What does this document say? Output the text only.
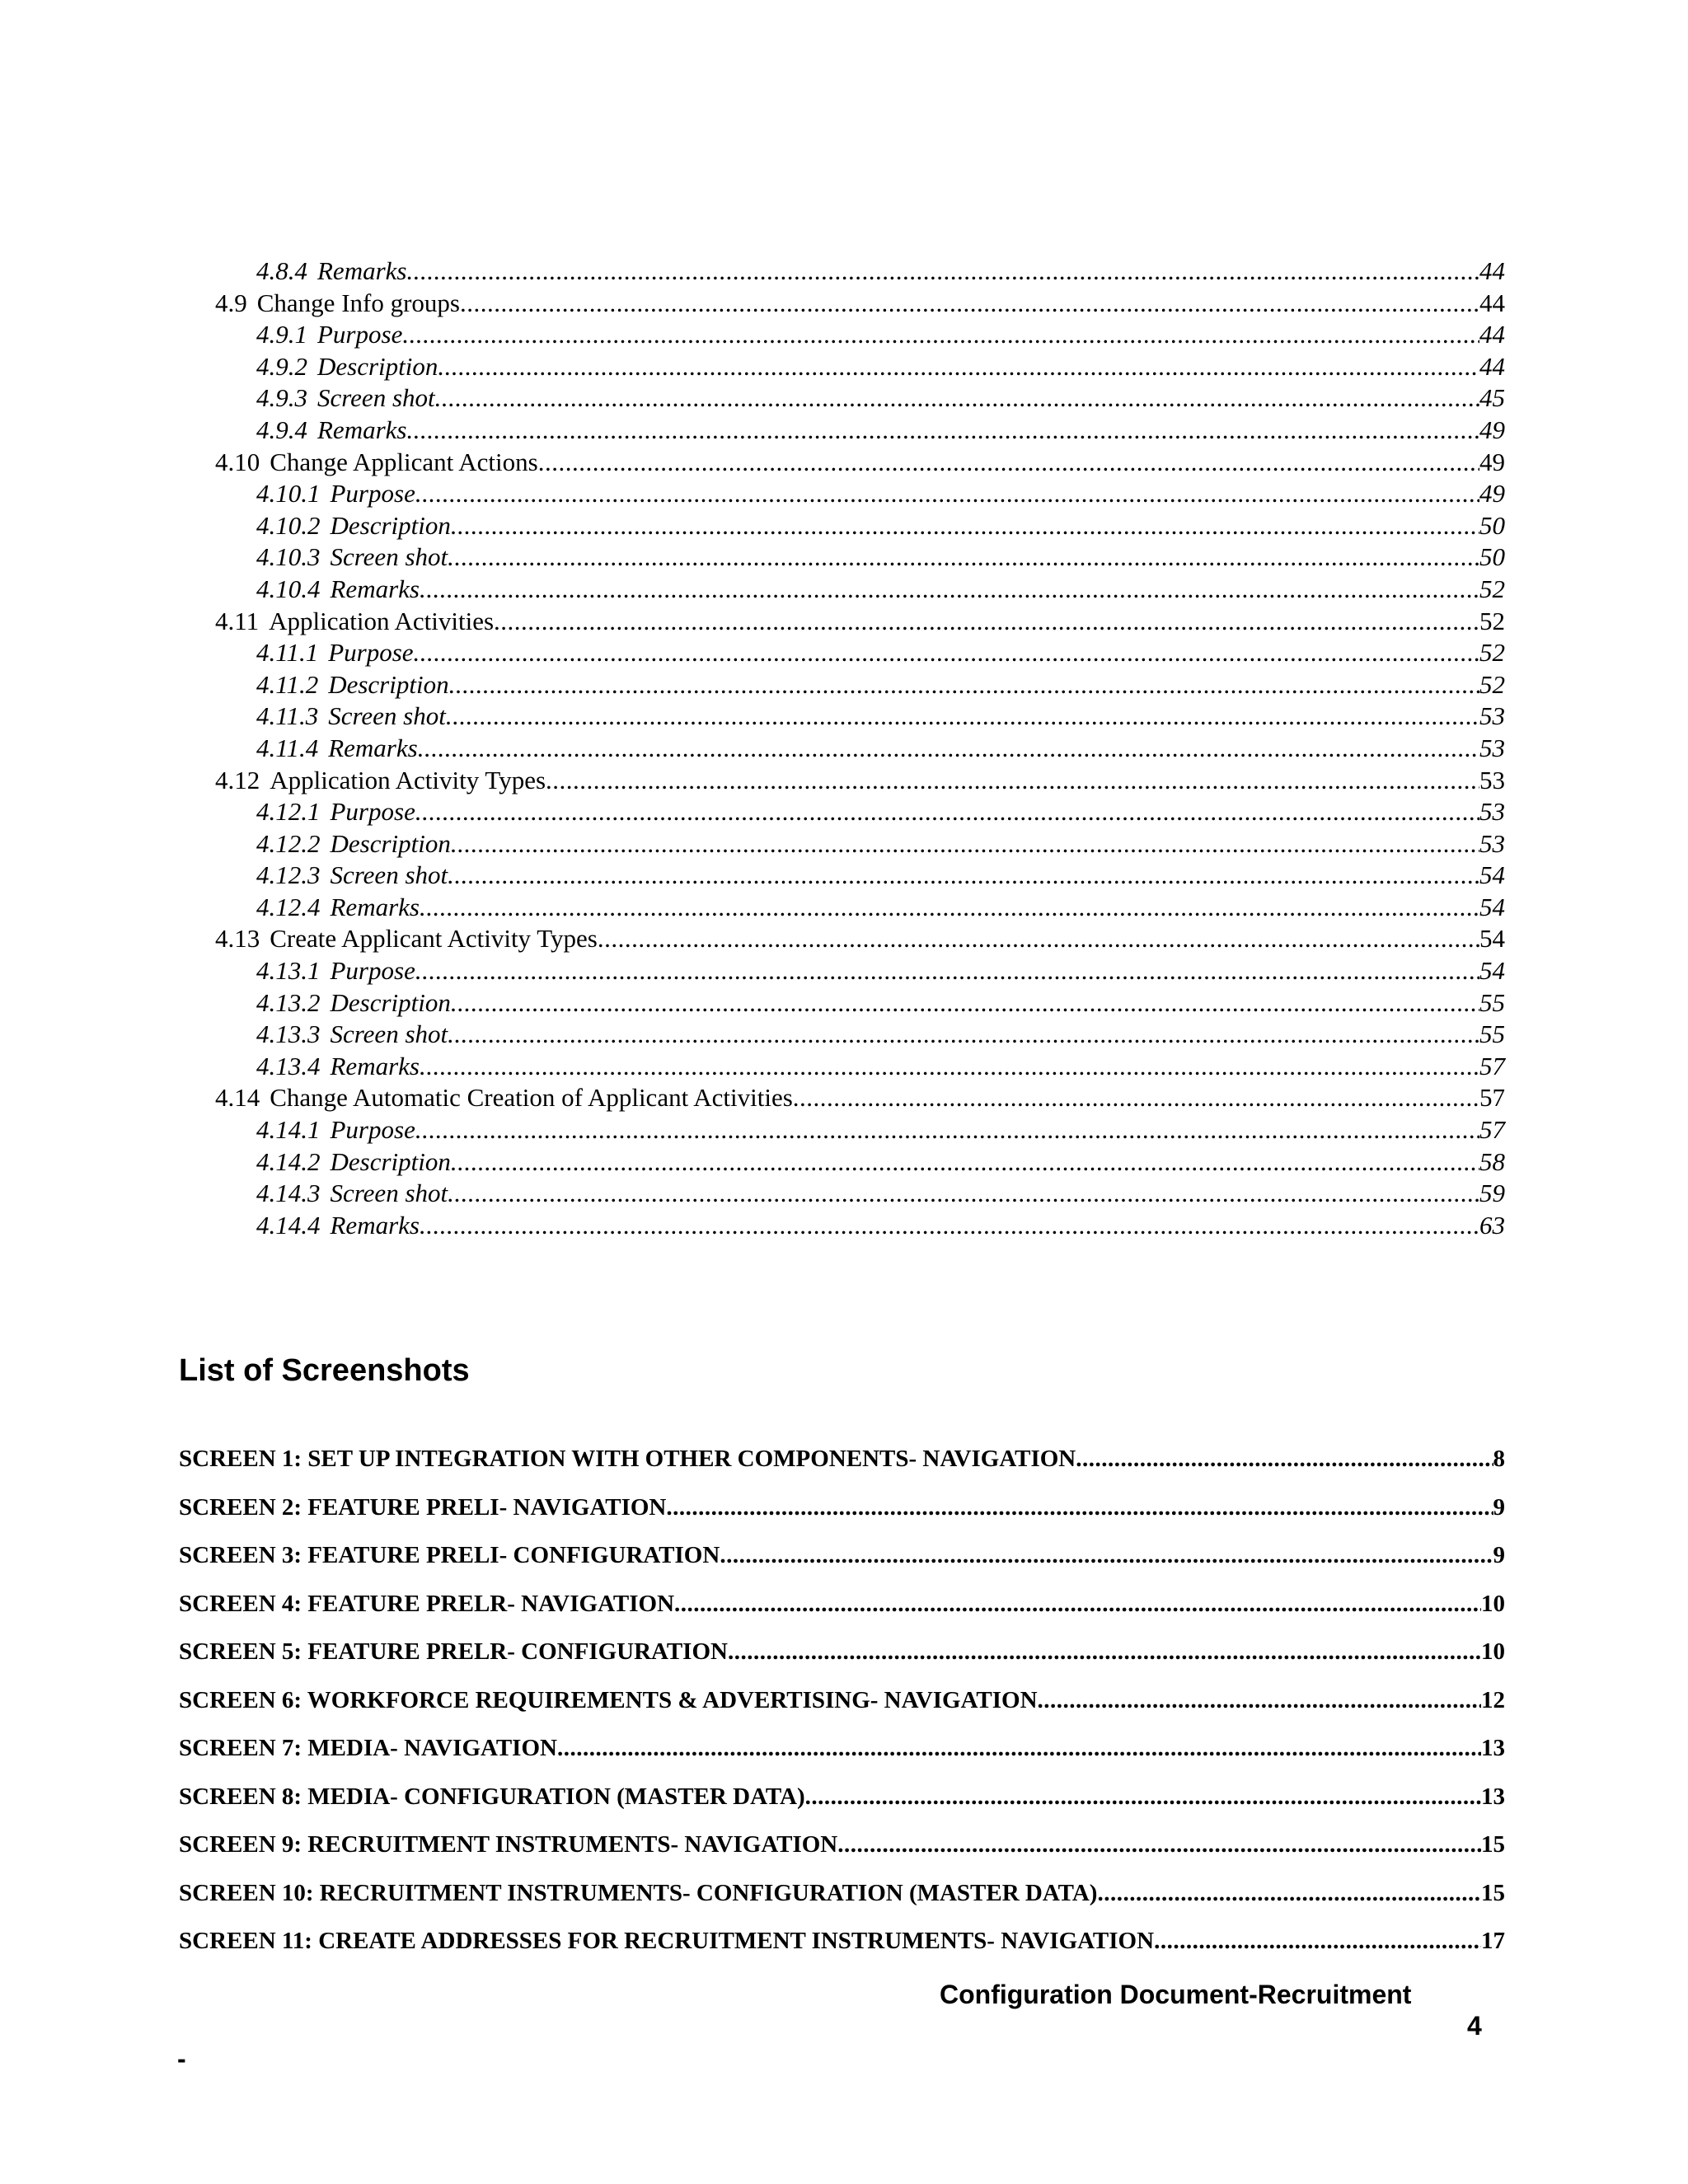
4.8.4 Remarks .....	44
4.9 Change Info groups .....	44
4.9.1 Purpose .....	44
4.9.2 Description .....	44
4.9.3 Screen shot .....	45
4.9.4 Remarks .....	49
4.10 Change Applicant Actions .....	49
4.10.1 Purpose .....	49
4.10.2 Description .....	50
4.10.3 Screen shot .....	50
4.10.4 Remarks .....	52
4.11 Application Activities .....	52
4.11.1 Purpose .....	52
4.11.2 Description .....	52
4.11.3 Screen shot .....	53
4.11.4 Remarks .....	53
4.12 Application Activity Types .....	53
4.12.1 Purpose .....	53
4.12.2 Description .....	53
4.12.3 Screen shot .....	54
4.12.4 Remarks .....	54
4.13 Create Applicant Activity Types .....	54
4.13.1 Purpose .....	54
4.13.2 Description .....	55
4.13.3 Screen shot .....	55
4.13.4 Remarks .....	57
4.14 Change Automatic Creation of Applicant Activities .....	57
4.14.1 Purpose .....	57
4.14.2 Description .....	58
4.14.3 Screen shot .....	59
4.14.4 Remarks .....	63
List of Screenshots
SCREEN 1: SET UP INTEGRATION WITH OTHER COMPONENTS- NAVIGATION .....	8
SCREEN 2: FEATURE PRELI- NAVIGATION .....	9
SCREEN 3: FEATURE PRELI- CONFIGURATION .....	9
SCREEN 4: FEATURE PRELR- NAVIGATION .....	10
SCREEN 5: FEATURE PRELR- CONFIGURATION .....	10
SCREEN 6: WORKFORCE REQUIREMENTS & ADVERTISING- NAVIGATION .....	12
SCREEN 7: MEDIA- NAVIGATION .....	13
SCREEN 8: MEDIA- CONFIGURATION (MASTER DATA) .....	13
SCREEN 9: RECRUITMENT INSTRUMENTS- NAVIGATION .....	15
SCREEN 10: RECRUITMENT INSTRUMENTS- CONFIGURATION (MASTER DATA) .....	15
SCREEN 11: CREATE ADDRESSES FOR RECRUITMENT INSTRUMENTS- NAVIGATION .....	17
Configuration Document-Recruitment
4
-
